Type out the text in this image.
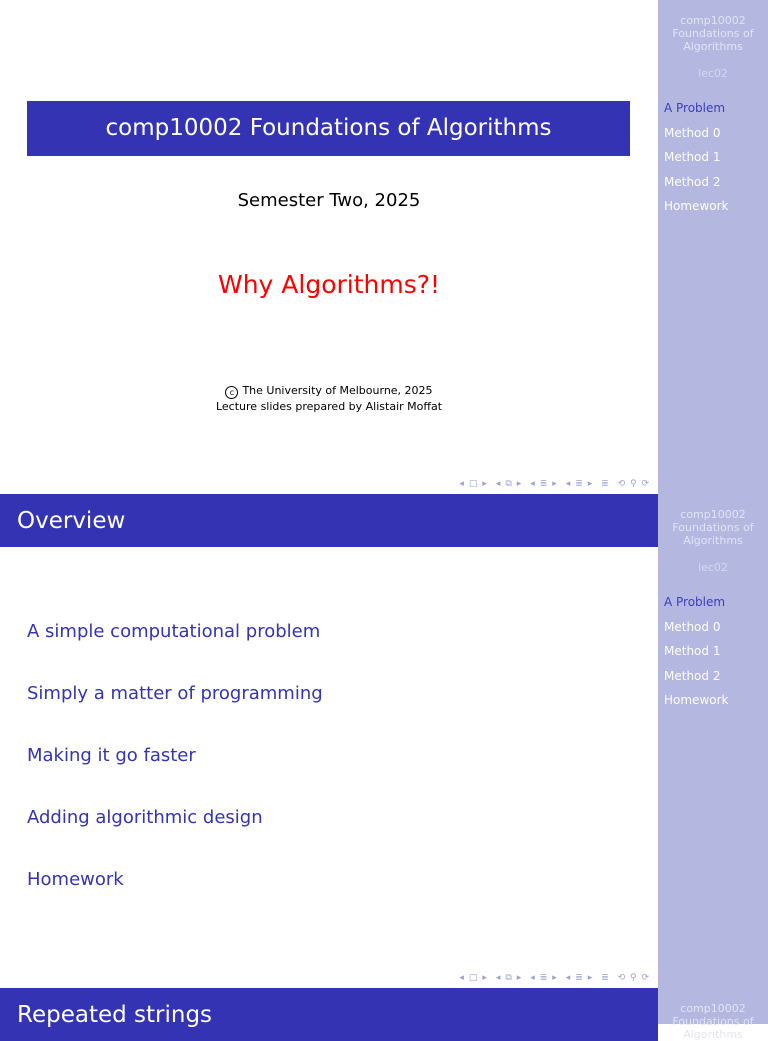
comp10002 Foundations of Algorithms
Semester Two, 2025
Why Algorithms?!
c The University of Melbourne, 2025
Lecture slides prepared by Alistair Moffat
◂ □ ▸ ◂ ⧉ ▸ ◂ ≣ ▸ ◂ ≣ ▸ ≣ ⟲ ⚲ ⟳
comp10002
Foundations of
Algorithms
lec02
A Problem
Method 0
Method 1
Method 2
Homework
Overview
A simple computational problem
Simply a matter of programming
Making it go faster
Adding algorithmic design
Homework
◂ □ ▸ ◂ ⧉ ▸ ◂ ≣ ▸ ◂ ≣ ▸ ≣ ⟲ ⚲ ⟳
comp10002
Foundations of
Algorithms
lec02
A Problem
Method 0
Method 1
Method 2
Homework
Repeated strings	comp10002
Foundations of
Algorithms
